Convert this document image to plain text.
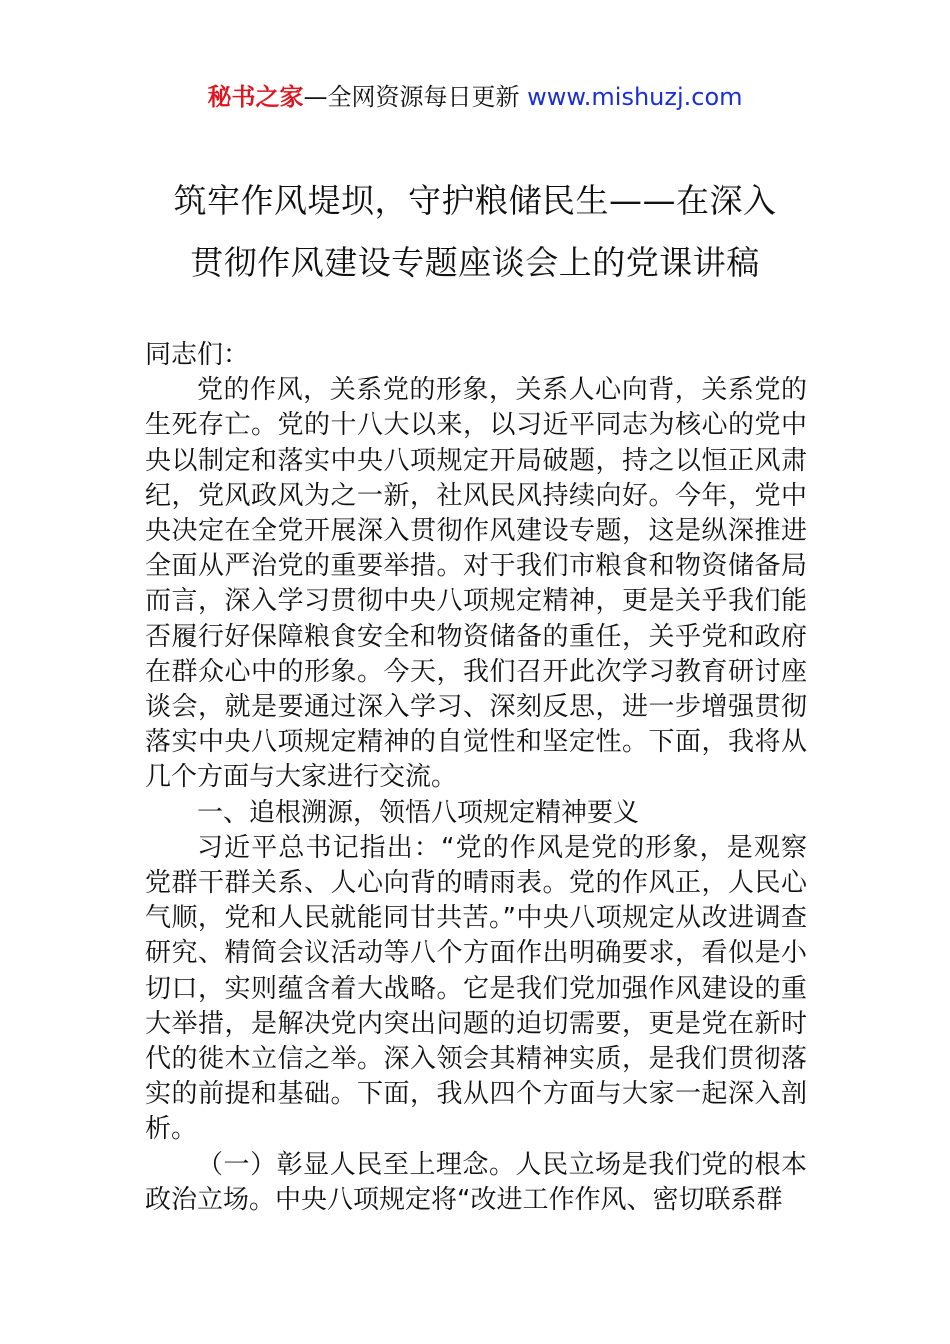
秘书之家—全网资源每日更新 www.mishuzj.com
筑牢作风堤坝，守护粮储民生——在深入
贯彻作风建设专题座谈会上的党课讲稿

同志们：

党的作风，关系党的形象，关系人心向背，关系党的生死存亡。党的十八大以来，以习近平同志为核心的党中央以制定和落实中央八项规定开局破题，持之以恒正风肃纪，党风政风为之一新，社风民风持续向好。今年，党中央决定在全党开展深入贯彻作风建设专题，这是纵深推进全面从严治党的重要举措。对于我们市粮食和物资储备局而言，深入学习贯彻中央八项规定精神，更是关乎我们能否履行好保障粮食安全和物资储备的重任，关乎党和政府在群众心中的形象。今天，我们召开此次学习教育研讨座谈会，就是要通过深入学习、深刻反思，进一步增强贯彻落实中央八项规定精神的自觉性和坚定性。下面，我将从几个方面与大家进行交流。

一、追根溯源，领悟八项规定精神要义

习近平总书记指出：“党的作风是党的形象，是观察党群干群关系、人心向背的晴雨表。党的作风正，人民心气顺，党和人民就能同甘共苦。”中央八项规定从改进调查研究、精简会议活动等八个方面作出明确要求，看似是小切口，实则蕴含着大战略。它是我们党加强作风建设的重大举措，是解决党内突出问题的迫切需要，更是党在新时代的徙木立信之举。深入领会其精神实质，是我们贯彻落实的前提和基础。下面，我从四个方面与大家一起深入剖析。

（一）彰显人民至上理念。人民立场是我们党的根本政治立场。中央八项规定将“改进工作作风、密切联系群
